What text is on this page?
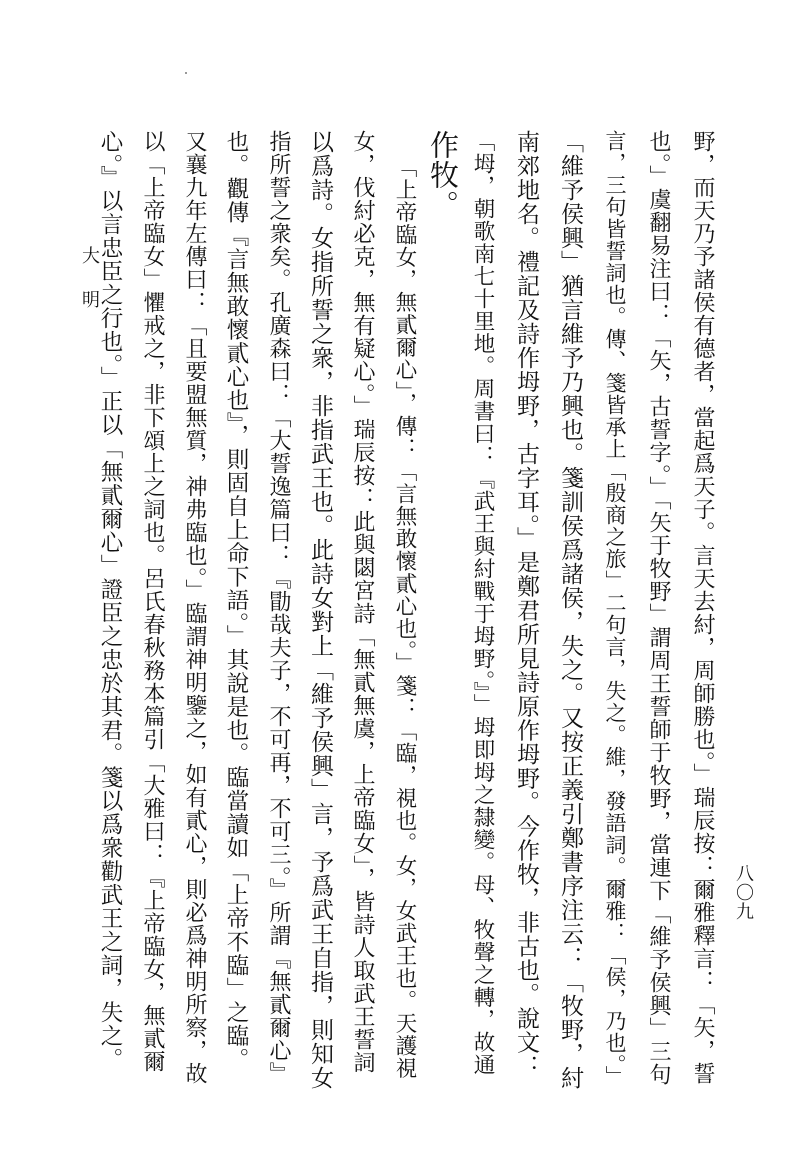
野，而天乃予諸侯有德者，當起爲天子。言天去紂，周師勝也。」瑞辰按：爾雅釋言：「矢，誓
也。」虞翻易注曰：「矢，古誓字。」「矢于牧野」謂周王誓師于牧野，當連下「維予侯興」三句
言，三句皆誓詞也。傳、箋皆承上「殷商之旅」二句言，失之。維，發語詞。爾雅：「侯，乃也。」
「維予侯興」猶言維予乃興也。箋訓侯爲諸侯，失之。又按正義引鄭書序注云：「牧野，紂
南郊地名。禮記及詩作坶野，古字耳。」是鄭君所見詩原作坶野。今作牧，非古也。說文：
「坶，朝歌南七十里地。周書曰：『武王與紂戰于坶野。』」坶即坶之隸變。母、牧聲之轉，故通
作牧。
「上帝臨女，無貳爾心」，傳：「言無敢懷貳心也。」箋：「臨，視也。女，女武王也。天護視
女，伐紂必克，無有疑心。」瑞辰按：此與閟宮詩「無貳無虞，上帝臨女」，皆詩人取武王誓詞
以爲詩。女指所誓之衆，非指武王也。此詩女對上「維予侯興」言，予爲武王自指，則知女
指所誓之衆矣。孔廣森曰：「大誓逸篇曰：『勖哉夫子，不可再，不可三。』所謂『無貳爾心』
也。觀傳『言無敢懷貳心也』，則固自上命下語。」其說是也。臨當讀如「上帝不臨」之臨。
又襄九年左傳曰：「且要盟無質，神弗臨也。」臨謂神明鑒之，如有貳心，則必爲神明所察，故
以「上帝臨女」懼戒之，非下頌上之詞也。呂氏春秋務本篇引「大雅曰：『上帝臨女，無貳爾
心。』以言忠臣之行也。」正以「無貳爾心」證臣之忠於其君。箋以爲衆勸武王之詞，失之。
大明
八〇九
